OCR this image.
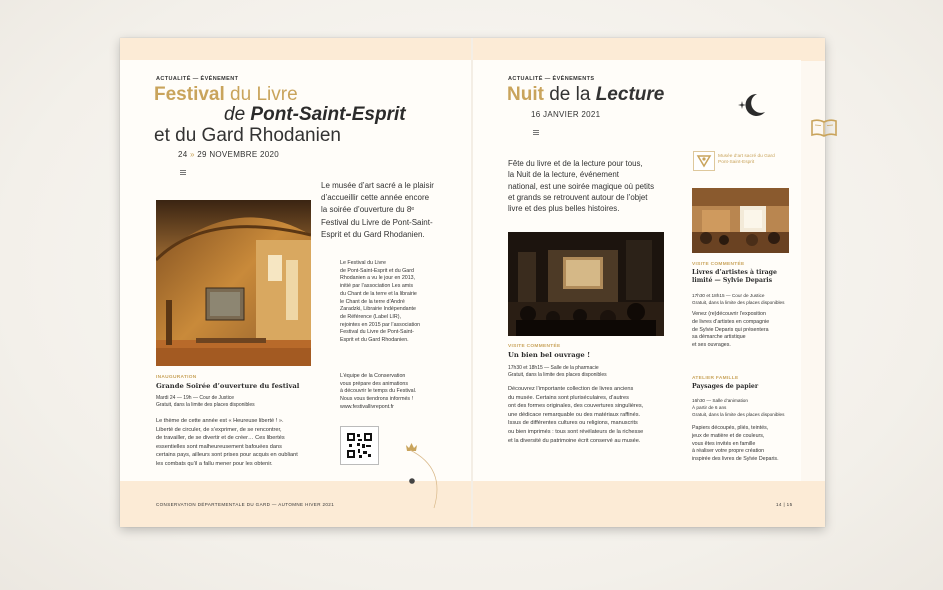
ACTUALITÉ — ÉVÉNEMENT
Festival du Livre
de Pont-Saint-Esprit
et du Gard Rhodanien
24 » 29 NOVEMBRE 2020
INAUGURATION
Grande Soirée d’ouverture du festival
Mardi 24 — 19h — Cour de Justice
Gratuit, dans la limite des places disponibles
Le thème de cette année est « Heureuse liberté ! ».
Liberté de circuler, de s’exprimer, de se rencontrer,
de travailler, de se divertir et de créer… Ces libertés
essentielles sont malheureusement bafouées dans
certains pays, ailleurs sont prises pour acquis en oubliant
les combats qu’il a fallu mener pour les obtenir.
Le musée d’art sacré a le plaisir
d’accueillir cette année encore
la soirée d’ouverture du 8ᵉ
Festival du Livre de Pont-Saint-
Esprit et du Gard Rhodanien.
Le Festival du Livre
de Pont-Saint-Esprit et du Gard
Rhodanien a vu le jour en 2013,
initié par l’association Les amis
du Chant de la terre et la librairie
le Chant de la terre d’André
Zaradzki, Librairie Indépendante
de Référence (Label LIR),
rejointes en 2015 par l’association
Festival du Livre de Pont-Saint-
Esprit et du Gard Rhodanien.
L’équipe de la Conservation
vous prépare des animations
à découvrir le temps du Festival.
Nous vous tiendrons informés !
www.festivallivrepont.fr
CONSERVATION DÉPARTEMENTALE DU GARD — AUTOMNE HIVER 2021
ACTUALITÉ — ÉVÉNEMENTS
Nuit de la Lecture
16 JANVIER 2021
Fête du livre et de la lecture pour tous,
la Nuit de la lecture, événement
national, est une soirée magique où petits
et grands se retrouvent autour de l’objet
livre et des plus belles histoires.
VISITE COMMENTÉE
Un bien bel ouvrage !
17h30 et 18h15 — Salle de la pharmacie
Gratuit, dans la limite des places disponibles
Découvrez l’importante collection de livres anciens
du musée. Certains sont pluriséculaires, d’autres
ont des formes originales, des couvertures singulières,
une dédicace remarquable ou des matériaux raffinés.
Issus de différentes cultures ou religions, manuscrits
ou bien imprimés : tous sont révélateurs de la richesse
et la diversité du patrimoine écrit conservé au musée.
Musée d’art sacré du Gard
Pont-Saint-Esprit
VISITE COMMENTÉE
Livres d’artistes à tirage
limité — Sylvie Deparis
17h30 et 18h15 — Cour de Justice
Gratuit, dans la limite des places disponibles
Venez (re)découvrir l’exposition
de livres d’artistes en compagnie
de Sylvie Deparis qui présentera
sa démarche artistique
et ses ouvrages.
ATELIER FAMILLE
Paysages de papier
16h30 — Salle d’animation
À partir de 6 ans
Gratuit, dans la limite des places disponibles
Papiers découpés, pliés, teintés,
jeux de matière et de couleurs,
vous êtes invités en famille
à réaliser votre propre création
inspirée des livres de Sylvie Deparis.
14 | 15
